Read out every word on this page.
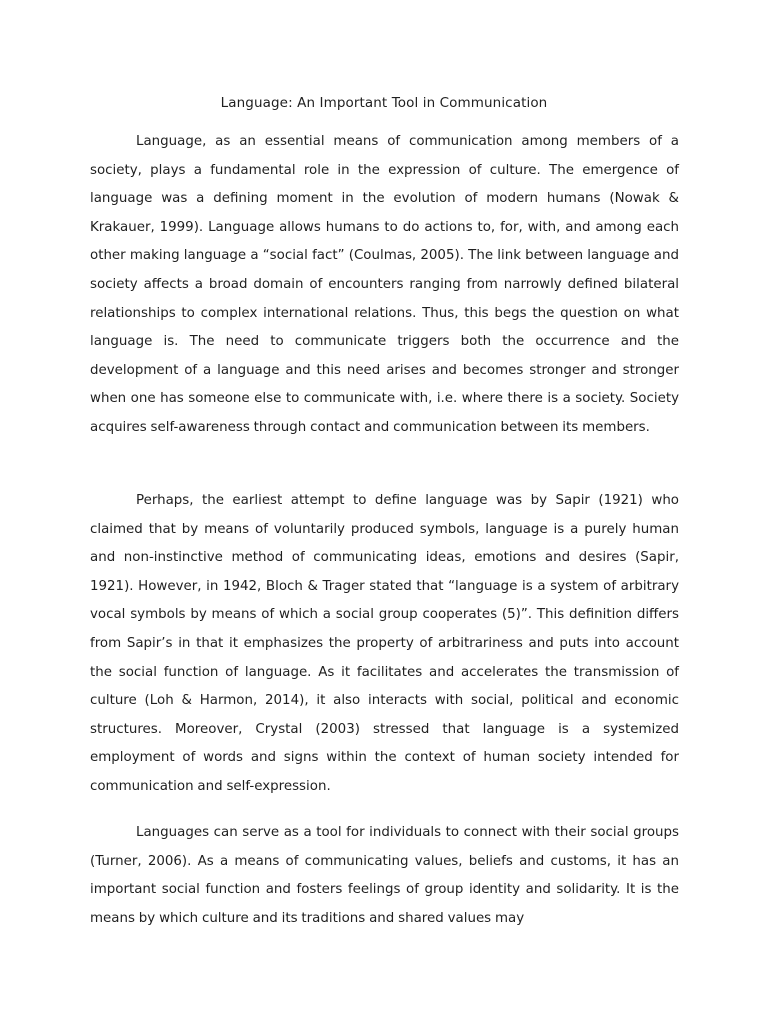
Language: An Important Tool in Communication

Language, as an essential means of communication among members of a society, plays a fundamental role in the expression of culture. The emergence of language was a defining moment in the evolution of modern humans (Nowak & Krakauer, 1999). Language allows humans to do actions to, for, with, and among each other making language a “social fact” (Coulmas, 2005). The link between language and society affects a broad domain of encounters ranging from narrowly defined bilateral relationships to complex international relations. Thus, this begs the question on what language is. The need to communicate triggers both the occurrence and the development of a language and this need arises and becomes stronger and stronger when one has someone else to communicate with, i.e. where there is a society. Society acquires self-awareness through contact and communication between its members.

Perhaps, the earliest attempt to define language was by Sapir (1921) who claimed that by means of voluntarily produced symbols, language is a purely human and non-instinctive method of communicating ideas, emotions and desires (Sapir, 1921). However, in 1942, Bloch & Trager stated that “language is a system of arbitrary vocal symbols by means of which a social group cooperates (5)”. This definition differs from Sapir’s in that it emphasizes the property of arbitrariness and puts into account the social function of language. As it facilitates and accelerates the transmission of culture (Loh & Harmon, 2014), it also interacts with social, political and economic structures. Moreover, Crystal (2003) stressed that language is a systemized employment of words and signs within the context of human society intended for communication and self-expression.

Languages can serve as a tool for individuals to connect with their social groups (Turner, 2006). As a means of communicating values, beliefs and customs, it has an important social function and fosters feelings of group identity and solidarity. It is the means by which culture and its traditions and shared values may
